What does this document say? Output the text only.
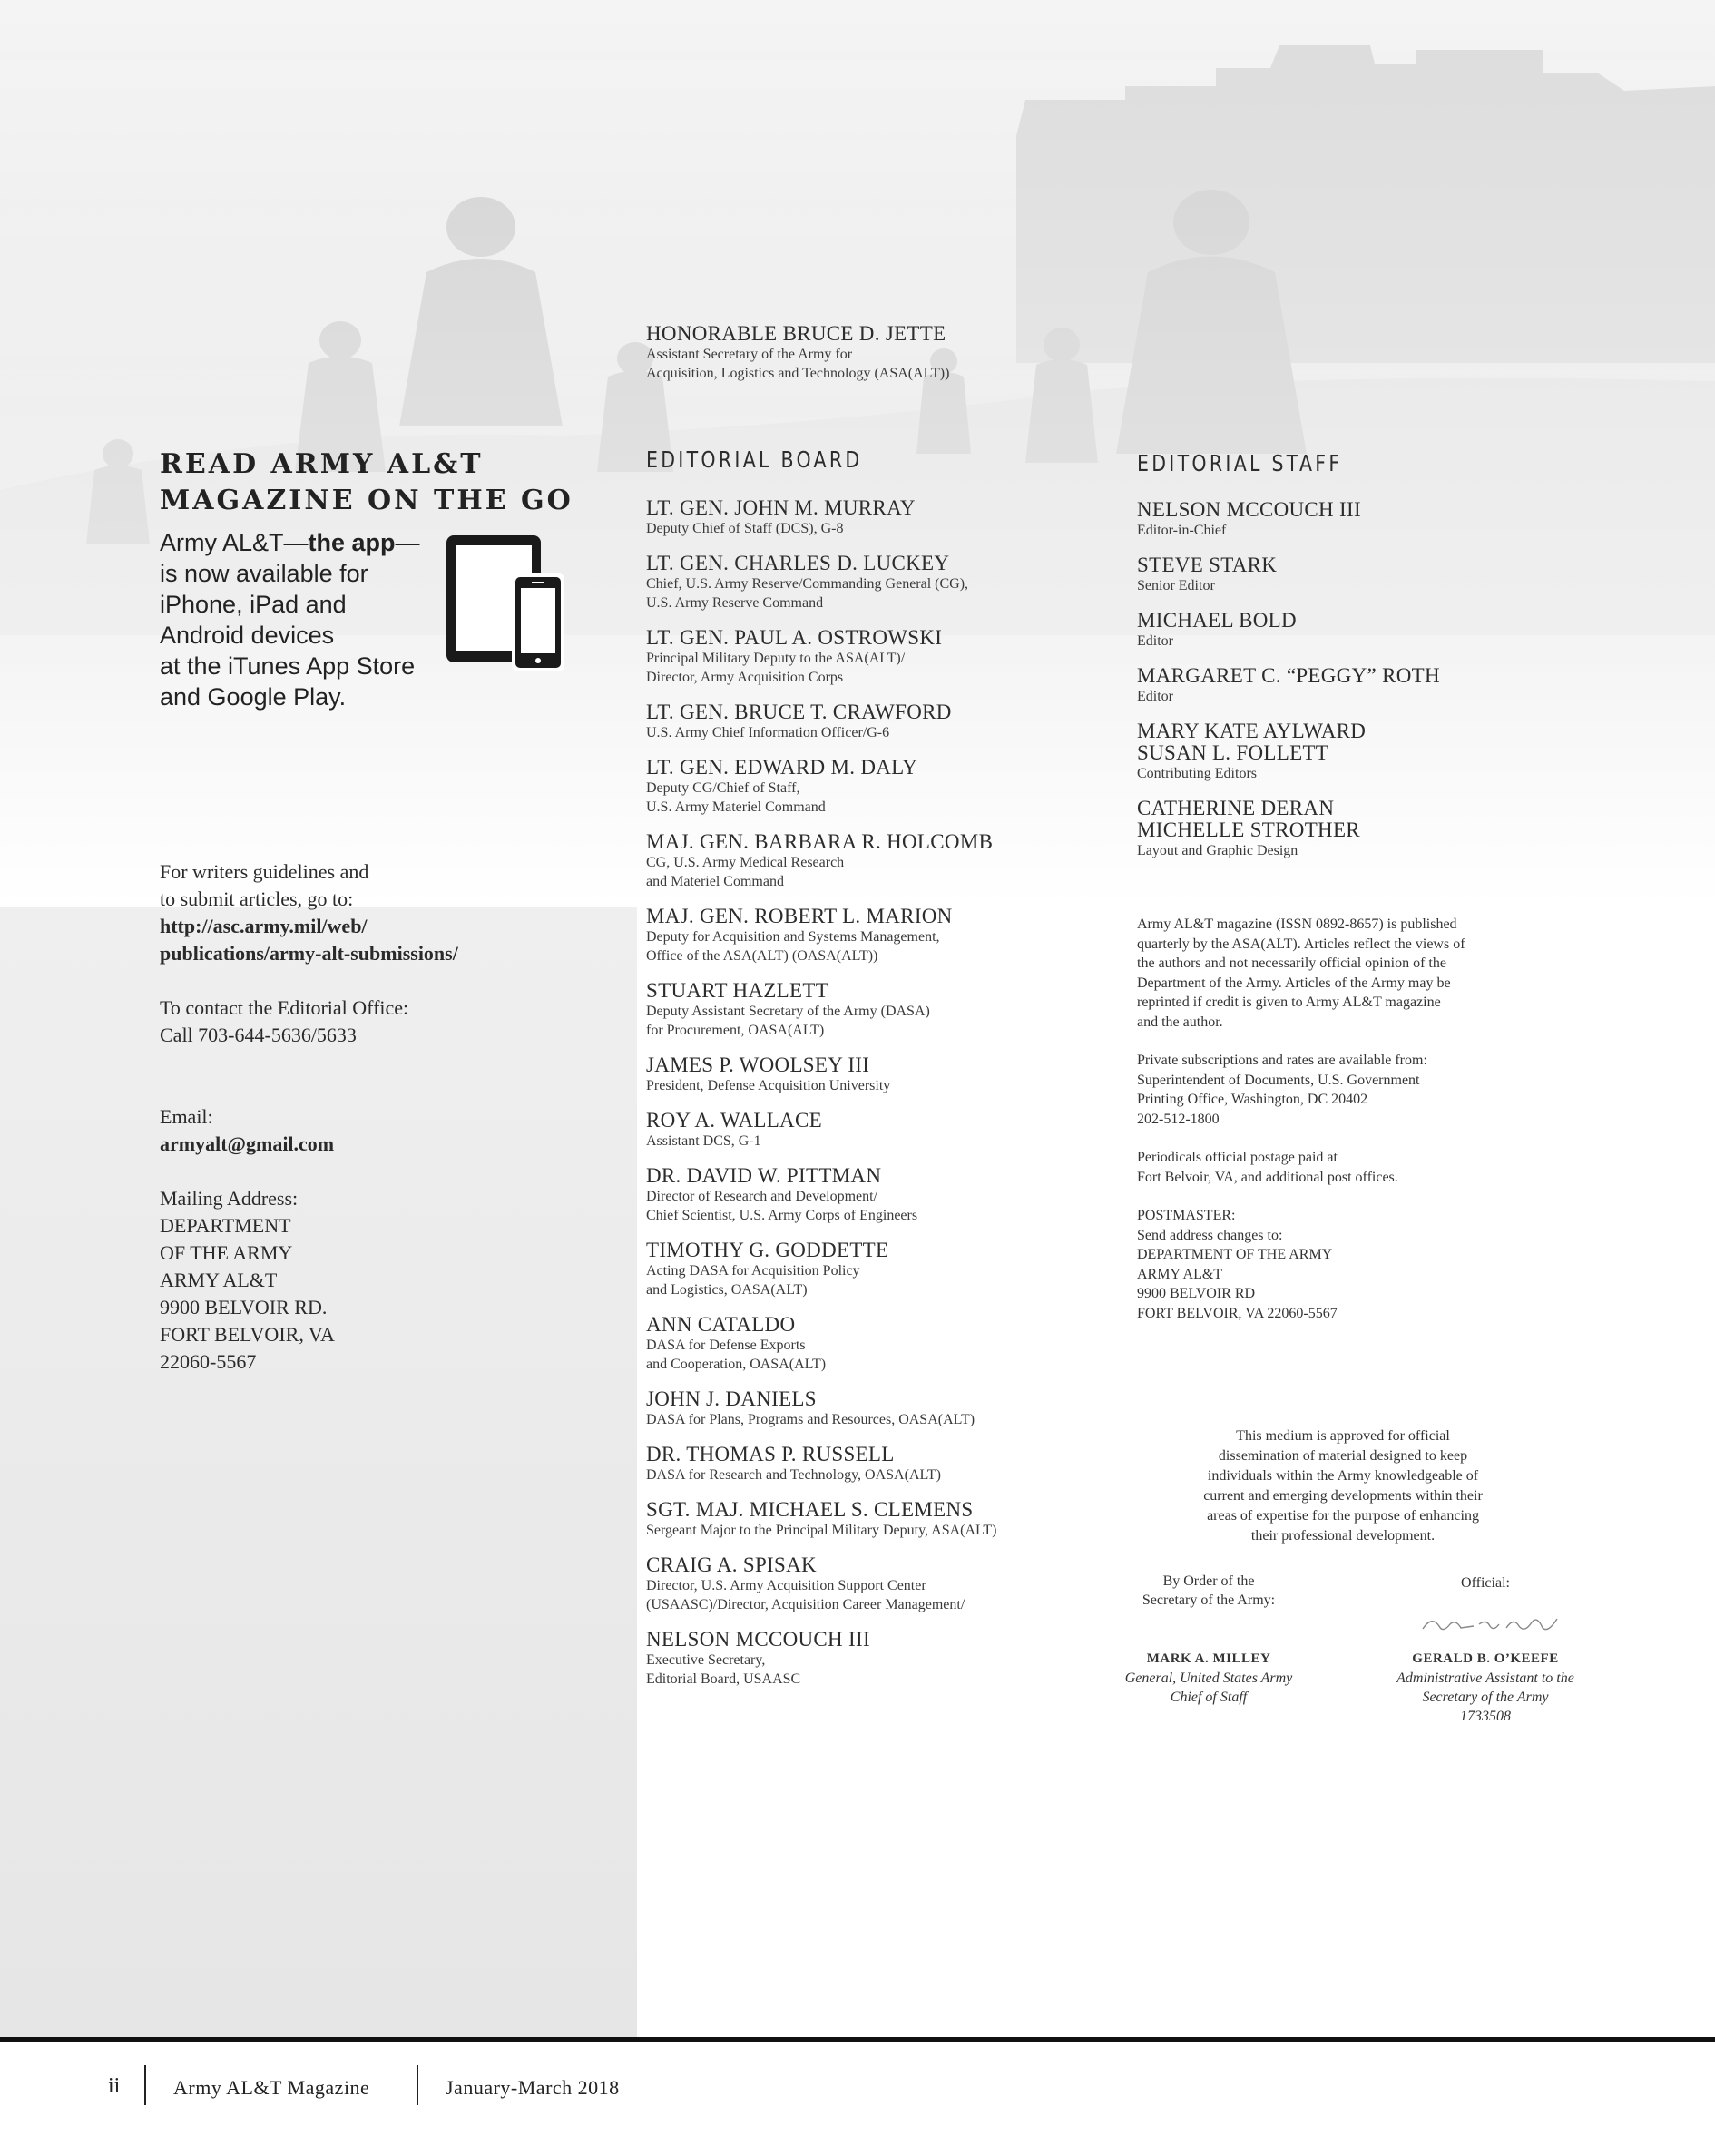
READ ARMY AL&T
MAGAZINE ON THE GO
Army AL&T—the app—
is now available for
iPhone, iPad and
Android devices
at the iTunes App Store
and Google Play.
For writers guidelines and
to submit articles, go to:
http://asc.army.mil/web/
publications/army-alt-submissions/
To contact the Editorial Office:
Call 703-644-5636/5633
Email:
armyalt@gmail.com
Mailing Address:
DEPARTMENT
OF THE ARMY
ARMY AL&T
9900 BELVOIR RD.
FORT BELVOIR, VA
22060-5567
HONORABLE BRUCE D. JETTE
Assistant Secretary of the Army for
Acquisition, Logistics and Technology (ASA(ALT))
EDITORIAL BOARD
LT. GEN. JOHN M. MURRAY
Deputy Chief of Staff (DCS), G-8
LT. GEN. CHARLES D. LUCKEY
Chief, U.S. Army Reserve/Commanding General (CG),
U.S. Army Reserve Command
LT. GEN. PAUL A. OSTROWSKI
Principal Military Deputy to the ASA(ALT)/
Director, Army Acquisition Corps
LT. GEN. BRUCE T. CRAWFORD
U.S. Army Chief Information Officer/G-6
LT. GEN. EDWARD M. DALY
Deputy CG/Chief of Staff,
U.S. Army Materiel Command
MAJ. GEN. BARBARA R. HOLCOMB
CG, U.S. Army Medical Research
and Materiel Command
MAJ. GEN. ROBERT L. MARION
Deputy for Acquisition and Systems Management,
Office of the ASA(ALT) (OASA(ALT))
STUART HAZLETT
Deputy Assistant Secretary of the Army (DASA)
for Procurement, OASA(ALT)
JAMES P. WOOLSEY III
President, Defense Acquisition University
ROY A. WALLACE
Assistant DCS, G-1
DR. DAVID W. PITTMAN
Director of Research and Development/
Chief Scientist, U.S. Army Corps of Engineers
TIMOTHY G. GODDETTE
Acting DASA for Acquisition Policy
and Logistics, OASA(ALT)
ANN CATALDO
DASA for Defense Exports
and Cooperation, OASA(ALT)
JOHN J. DANIELS
DASA for Plans, Programs and Resources, OASA(ALT)
DR. THOMAS P. RUSSELL
DASA for Research and Technology, OASA(ALT)
SGT. MAJ. MICHAEL S. CLEMENS
Sergeant Major to the Principal Military Deputy, ASA(ALT)
CRAIG A. SPISAK
Director, U.S. Army Acquisition Support Center
(USAASC)/Director, Acquisition Career Management/
NELSON MCCOUCH III
Executive Secretary,
Editorial Board, USAASC
EDITORIAL STAFF
NELSON MCCOUCH III
Editor-in-Chief
STEVE STARK
Senior Editor
MICHAEL BOLD
Editor
MARGARET C. “PEGGY” ROTH
Editor
MARY KATE AYLWARD
SUSAN L. FOLLETT
Contributing Editors
CATHERINE DERAN
MICHELLE STROTHER
Layout and Graphic Design

Army AL&T magazine (ISSN 0892-8657) is published
quarterly by the ASA(ALT). Articles reflect the views of
the authors and not necessarily official opinion of the
Department of the Army. Articles of the Army may be
reprinted if credit is given to Army AL&T magazine
and the author.

Private subscriptions and rates are available from:
Superintendent of Documents, U.S. Government
Printing Office, Washington, DC 20402
202-512-1800

Periodicals official postage paid at
Fort Belvoir, VA, and additional post offices.

POSTMASTER:
Send address changes to:
DEPARTMENT OF THE ARMY
ARMY AL&T
9900 BELVOIR RD
FORT BELVOIR, VA 22060-5567

This medium is approved for official
dissemination of material designed to keep
individuals within the Army knowledgeable of
current and emerging developments within their
areas of expertise for the purpose of enhancing
their professional development.
By Order of the
Secretary of the Army:
Official:
MARK A. MILLEY
General, United States Army
Chief of Staff
GERALD B. O’KEEFE
Administrative Assistant to the
Secretary of the Army
1733508
ii	Army AL&T Magazine	January-March 2018
